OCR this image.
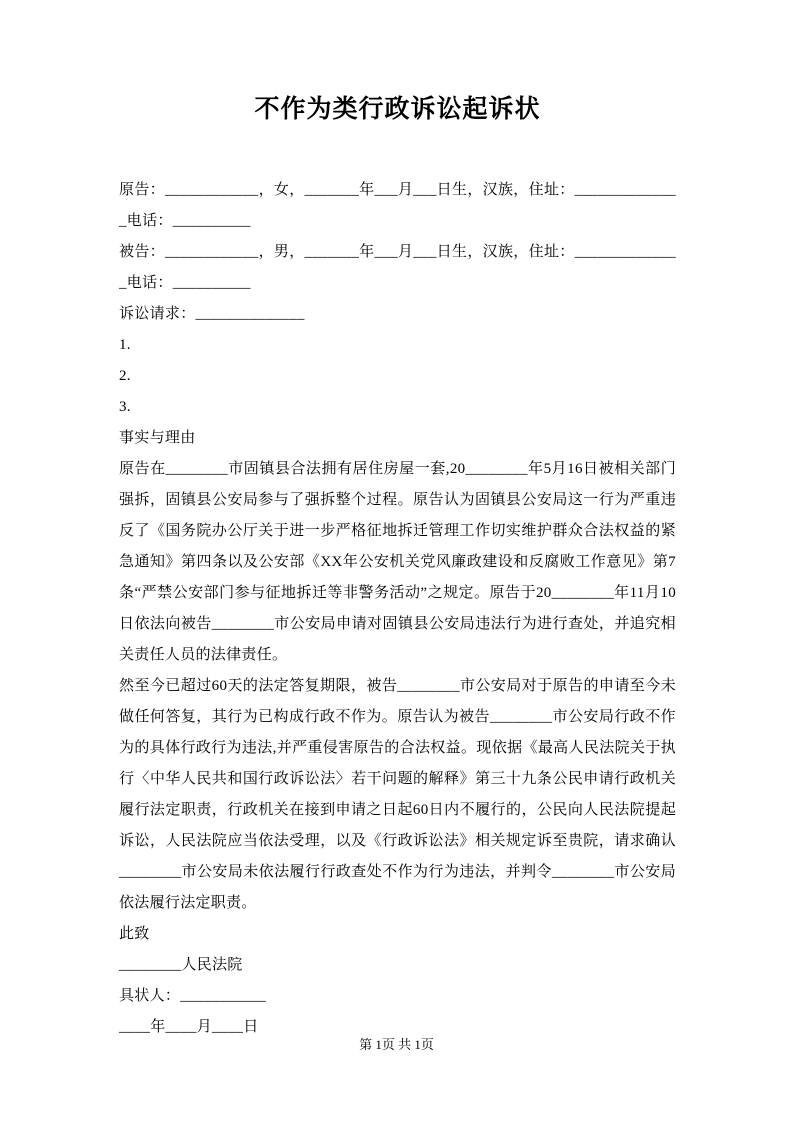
不作为类行政诉讼起诉状

原告：____________，女，_______年___月___日生，汉族，住址：______________电话：__________

被告：____________，男，_______年___月___日生，汉族，住址：______________电话：__________

诉讼请求：______________

1.

2.

3.

事实与理由

原告在________市固镇县合法拥有居住房屋一套,20________年5月16日被相关部门强拆，固镇县公安局参与了强拆整个过程。原告认为固镇县公安局这一行为严重违反了《国务院办公厅关于进一步严格征地拆迁管理工作切实维护群众合法权益的紧急通知》第四条以及公安部《XX年公安机关党风廉政建设和反腐败工作意见》第7条“严禁公安部门参与征地拆迁等非警务活动”之规定。原告于20________年11月10日依法向被告________市公安局申请对固镇县公安局违法行为进行查处，并追究相关责任人员的法律责任。

然至今已超过60天的法定答复期限，被告________市公安局对于原告的申请至今未做任何答复，其行为已构成行政不作为。原告认为被告________市公安局行政不作为的具体行政行为违法,并严重侵害原告的合法权益。现依据《最高人民法院关于执行〈中华人民共和国行政诉讼法〉若干问题的解释》第三十九条公民申请行政机关履行法定职责，行政机关在接到申请之日起60日内不履行的，公民向人民法院提起诉讼，人民法院应当依法受理，以及《行政诉讼法》相关规定诉至贵院，请求确认________市公安局未依法履行行政查处不作为行为违法，并判令________市公安局依法履行法定职责。

此致

________人民法院

具状人：___________

____年____月____日

第 1页 共 1页
